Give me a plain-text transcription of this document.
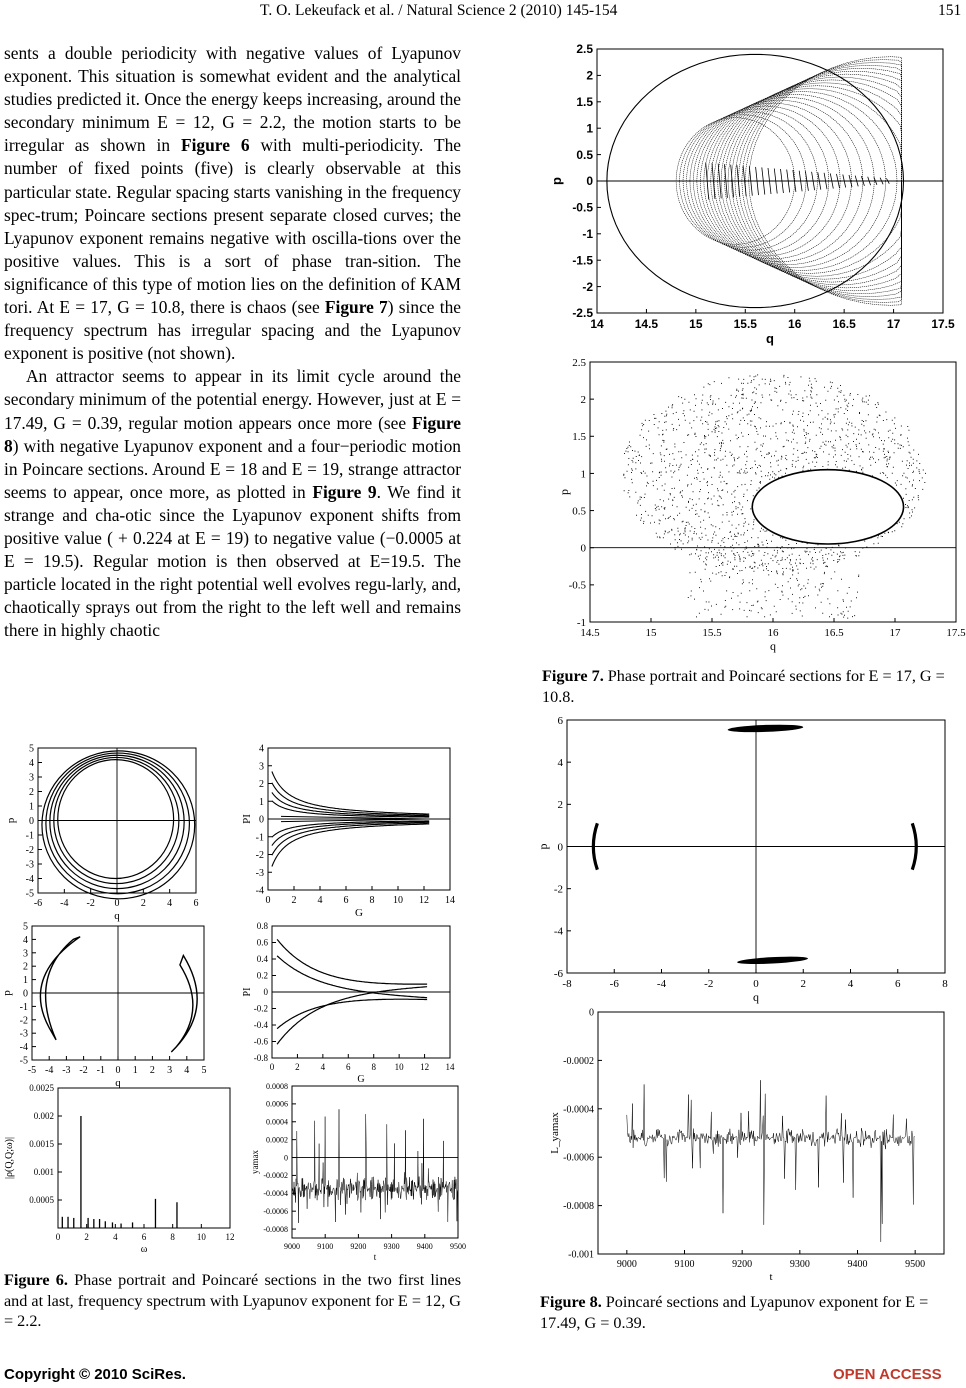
T. O. Lekeufack et al. / Natural Science 2 (2010) 145-154	151

sents a double periodicity with negative values of Lyapunov exponent. This situation is somewhat evident and the analytical studies predicted it. Once the energy keeps increasing, around the secondary minimum E = 12, G = 2.2, the motion starts to be irregular as shown in Figure 6 with multi-periodicity. The number of fixed points (five) is clearly observable at this particular state. Regular spacing starts vanishing in the frequency spec-trum; Poincare sections present separate closed curves; the Lyapunov exponent remains negative with oscilla-tions over the positive values. This is a sort of phase tran-sition. The significance of this type of motion lies on the definition of KAM tori. At E = 17, G = 10.8, there is chaos (see Figure 7) since the frequency spectrum has irregular spacing and the Lyapunov exponent is positive (not shown).

An attractor seems to appear in its limit cycle around the secondary minimum of the potential energy. However, just at E = 17.49, G = 0.39, regular motion appears once more (see Figure 8) with negative Lyapunov exponent and a four−periodic motion in Poincare sections. Around E = 18 and E = 19, strange attractor seems to appear, once more, as plotted in Figure 9. We find it strange and cha-otic since the Lyapunov exponent shifts from positive value ( + 0.224 at E = 19) to negative value (−0.0005 at E = 19.5). Regular motion is then observed at E=19.5. The particle located in the right potential well evolves regu-larly, and, chaotically sprays out from the right to the left well and remains there in highly chaotic

14	14.5	15	15.5	16	16.5	17	17.5
2.5
2
1.5
1
0.5
0
-0.5
-1
-1.5
-2
-2.5
q
p
14.5	15	15.5	16	16.5	17	17.5
2.5
2
1.5
1
0.5
0
-0.5
-1
q
p
Figure 7. Phase portrait and Poincaré sections for E = 17, G = 10.8.
-8	-6	-4	-2	0	2	4	6	8
6
4
2
0
-2
-4
-6
q
p
9000	9100	9200	9300	9400	9500
0
-0.0002
-0.0004
-0.0006
-0.0008
-0.001
t
L_yamax
Figure 8. Poincaré sections and Lyapunov exponent for E = 17.49, G = 0.39.
-6 -4 -2 0 2 4 6
5
4
3
2
1
0
-1
-2
-3
-4
-5
q
p
0 2 4 6 8 10 12 14
4
3
2
1
0
-1
-2
-3
-4
G
PI
-5 -4 -3 -2 -1 0 1 2 3 4 5
5
4
3
2
1
0
-1
-2
-3
-4
-5
q
p
0 2 4 6 8 10 12 14
0.8
0.6
0.4
0.2
0
-0.2
-0.4
-0.6
-0.8
G
PI
0	2	4	6	8 10 12
0.0025
0.002
0.0015
0.001
0.0005
ω
|ρ(Q,Q;ω)|
9000 9100 9200 9300 9400 9500
0.0008
0.0006
0.0004
0.0002
0
-0.0002
-0.0004
-0.0006
-0.0008
t
yamax
Figure 6. Phase portrait and Poincaré sections in the two first lines and at last, frequency spectrum with Lyapunov exponent for E = 12, G = 2.2.
Copyright © 2010 SciRes.	OPEN ACCESS
